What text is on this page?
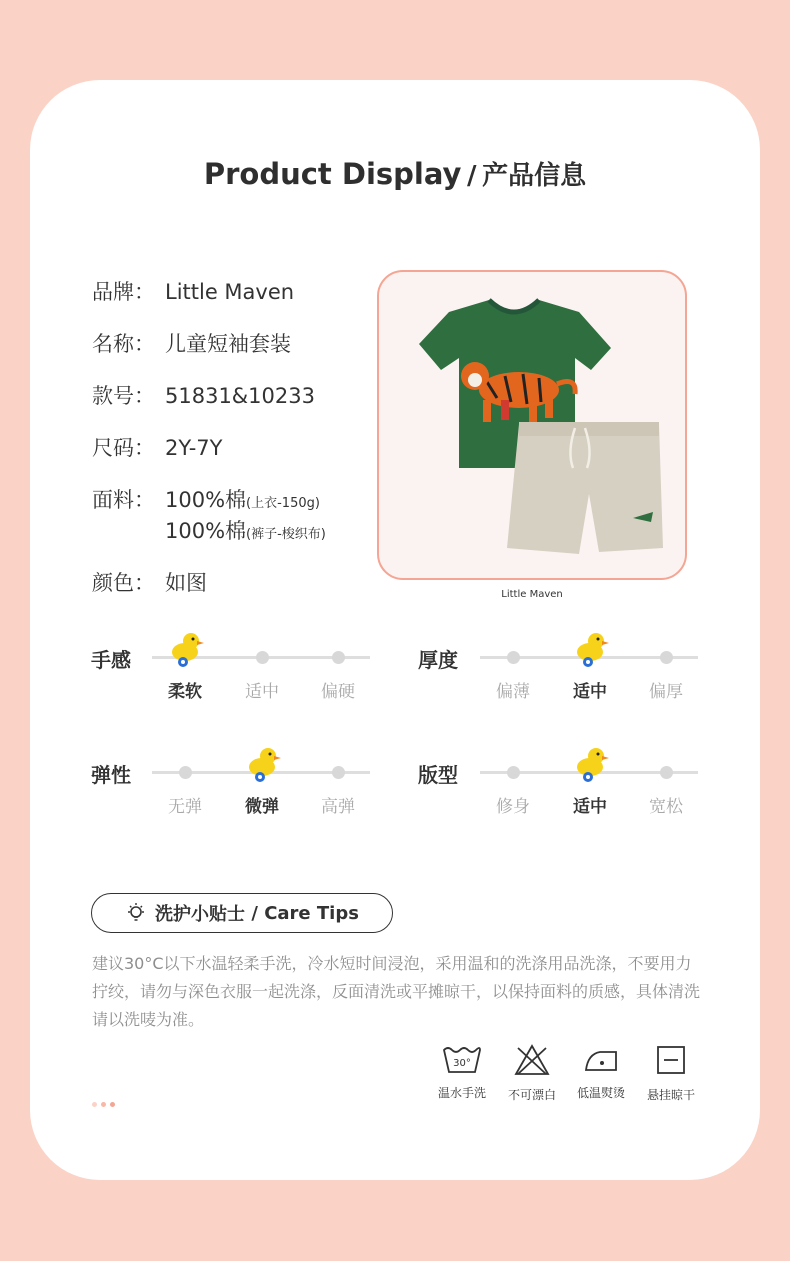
Product Display / 产品信息
品牌： Little Maven
名称： 儿童短袖套装
款号： 51831&10233
尺码： 2Y-7Y
面料： 100%棉(上衣-150g)
100%棉(裤子-梭织布)
颜色： 如图	Little Maven
手感	厚度
弹性	版型
柔软	适中	偏硬	偏薄	适中	偏厚
无弹	微弹	高弹	修身	适中	宽松
洗护小贴士
/
Care Tips
建议30°C以下水温轻柔手洗，冷水短时间浸泡，采用温和的洗涤用品洗涤，不要用力拧绞，请勿与深色衣服一起洗涤，反面清洗或平摊晾干，以保持面料的质感，具体清洗请以洗唛为准。
30°
温水手洗	不可漂白	低温熨烫	悬挂晾干
